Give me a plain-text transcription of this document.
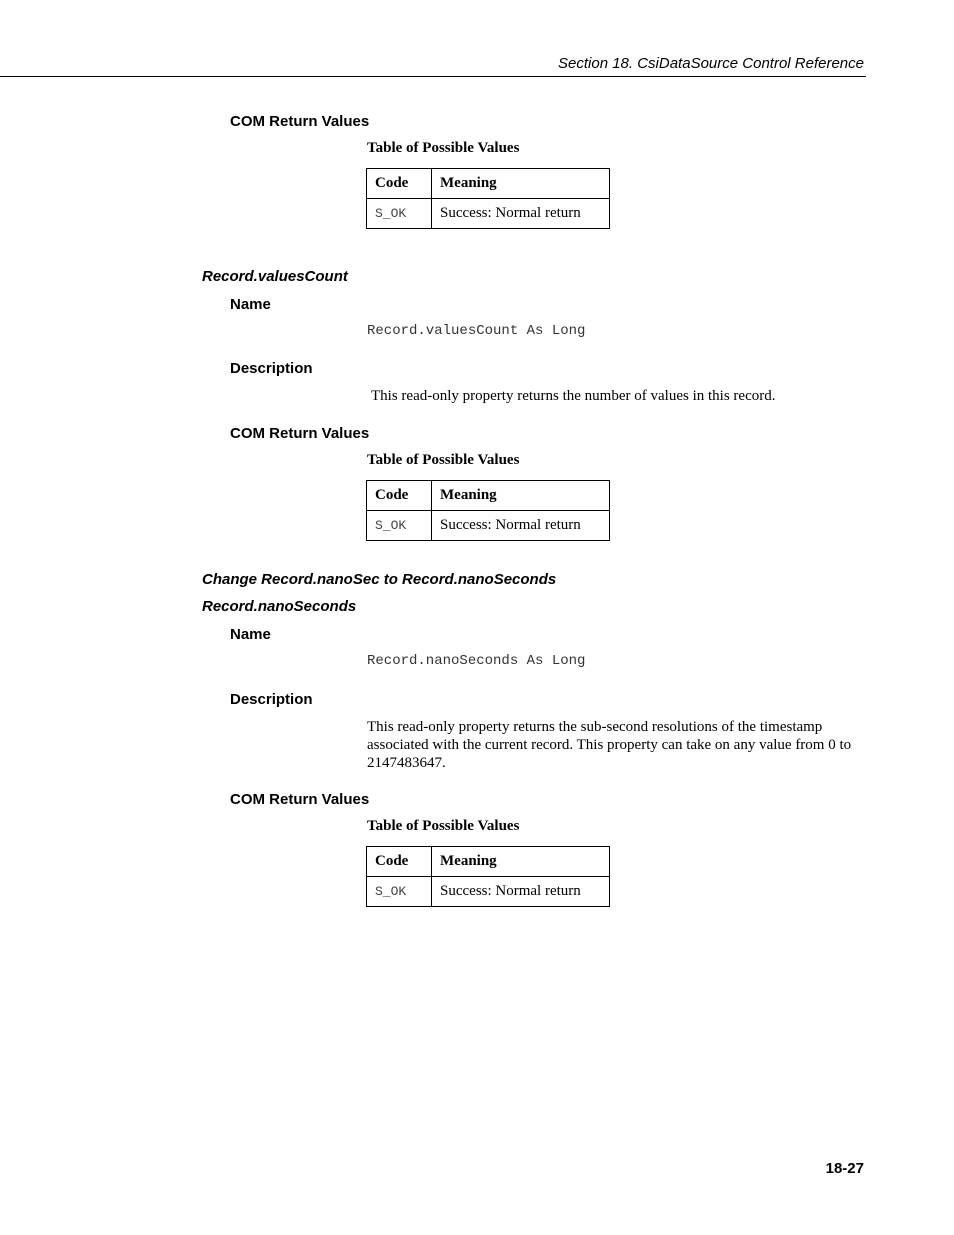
Section 18. CsiDataSource Control Reference
COM Return Values
Table of Possible Values
Code	Meaning
S_OK	Success: Normal return
Record.valuesCount
Name
Record.valuesCount As Long
Description
This read-only property returns the number of values in this record.
COM Return Values
Table of Possible Values
Code	Meaning
S_OK	Success: Normal return
Change Record.nanoSec to Record.nanoSeconds
Record.nanoSeconds
Name
Record.nanoSeconds As Long
Description
This read-only property returns the sub-second resolutions of the timestamp associated with the current record. This property can take on any value from 0 to 2147483647.
COM Return Values
Table of Possible Values
Code	Meaning
S_OK	Success: Normal return
18-27
